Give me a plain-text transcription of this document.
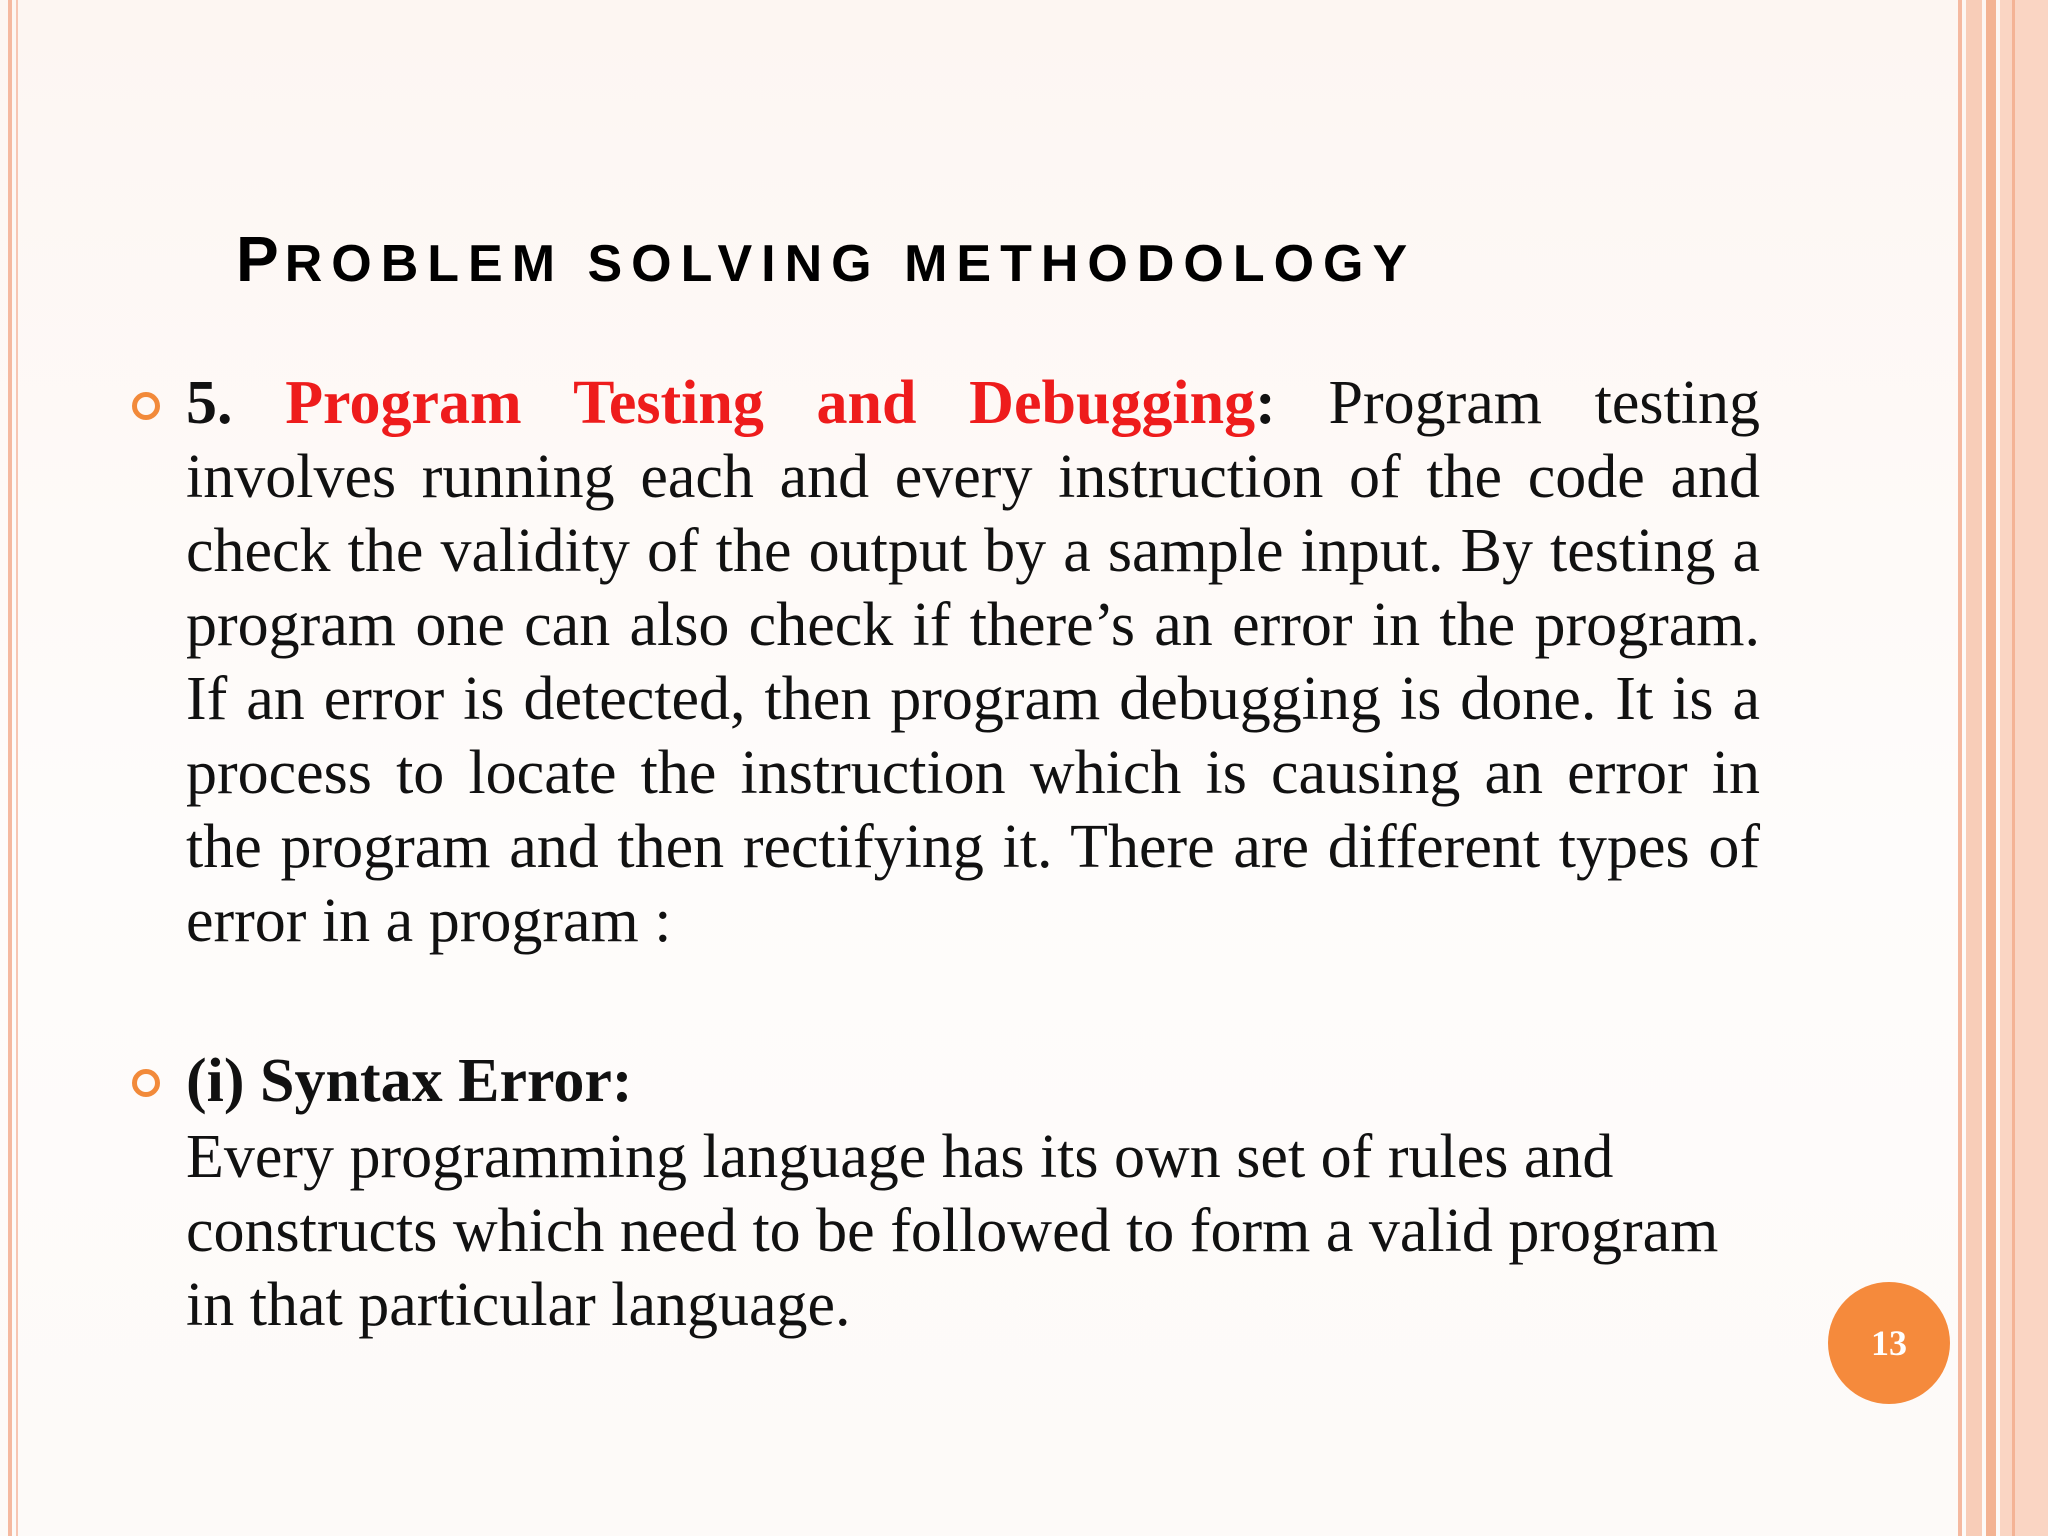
PROBLEM SOLVING METHODOLOGY

5. Program Testing and Debugging: Program testing involves running each and every instruction of the code and check the validity of the output by a sample input. By testing a program one can also check if there’s an error in the program. If an error is detected, then program debugging is done. It is a process to locate the instruction which is causing an error in the program and then rectifying it. There are different types of error in a program :

(i) Syntax Error:

Every programming language has its own set of rules and constructs which need to be followed to form a valid program in that particular language.

13
